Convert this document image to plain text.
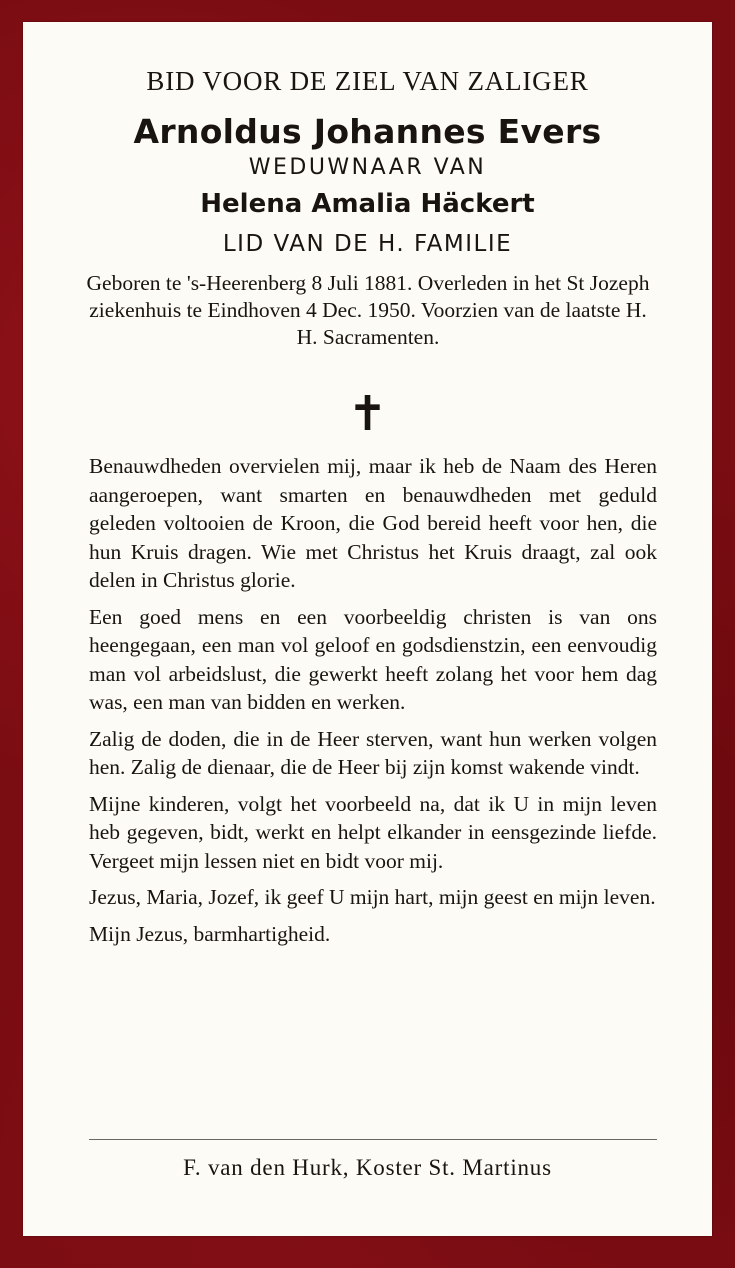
BID VOOR DE ZIEL VAN ZALIGER
Arnoldus Johannes Evers
WEDUWNAAR VAN
Helena Amalia Häckert
LID VAN DE H. FAMILIE
Geboren te 's-Heerenberg 8 Juli 1881. Overleden in het St Jozeph ziekenhuis te Eindhoven 4 Dec. 1950. Voorzien van de laatste H. H. Sacramenten.
✝

Benauwdheden overvielen mij, maar ik heb de Naam des Heren aangeroepen, want smarten en benauwdheden met geduld geleden voltooien de Kroon, die God bereid heeft voor hen, die hun Kruis dragen. Wie met Christus het Kruis draagt, zal ook delen in Christus glorie.

Een goed mens en een voorbeeldig christen is van ons heengegaan, een man vol geloof en godsdienstzin, een eenvoudig man vol arbeidslust, die gewerkt heeft zolang het voor hem dag was, een man van bidden en werken.

Zalig de doden, die in de Heer sterven, want hun werken volgen hen. Zalig de dienaar, die de Heer bij zijn komst wakende vindt.

Mijne kinderen, volgt het voorbeeld na, dat ik U in mijn leven heb gegeven, bidt, werkt en helpt elkander in eensgezinde liefde. Vergeet mijn lessen niet en bidt voor mij.

Jezus, Maria, Jozef, ik geef U mijn hart, mijn geest en mijn leven.

Mijn Jezus, barmhartigheid.

F. van den Hurk, Koster St. Martinus
